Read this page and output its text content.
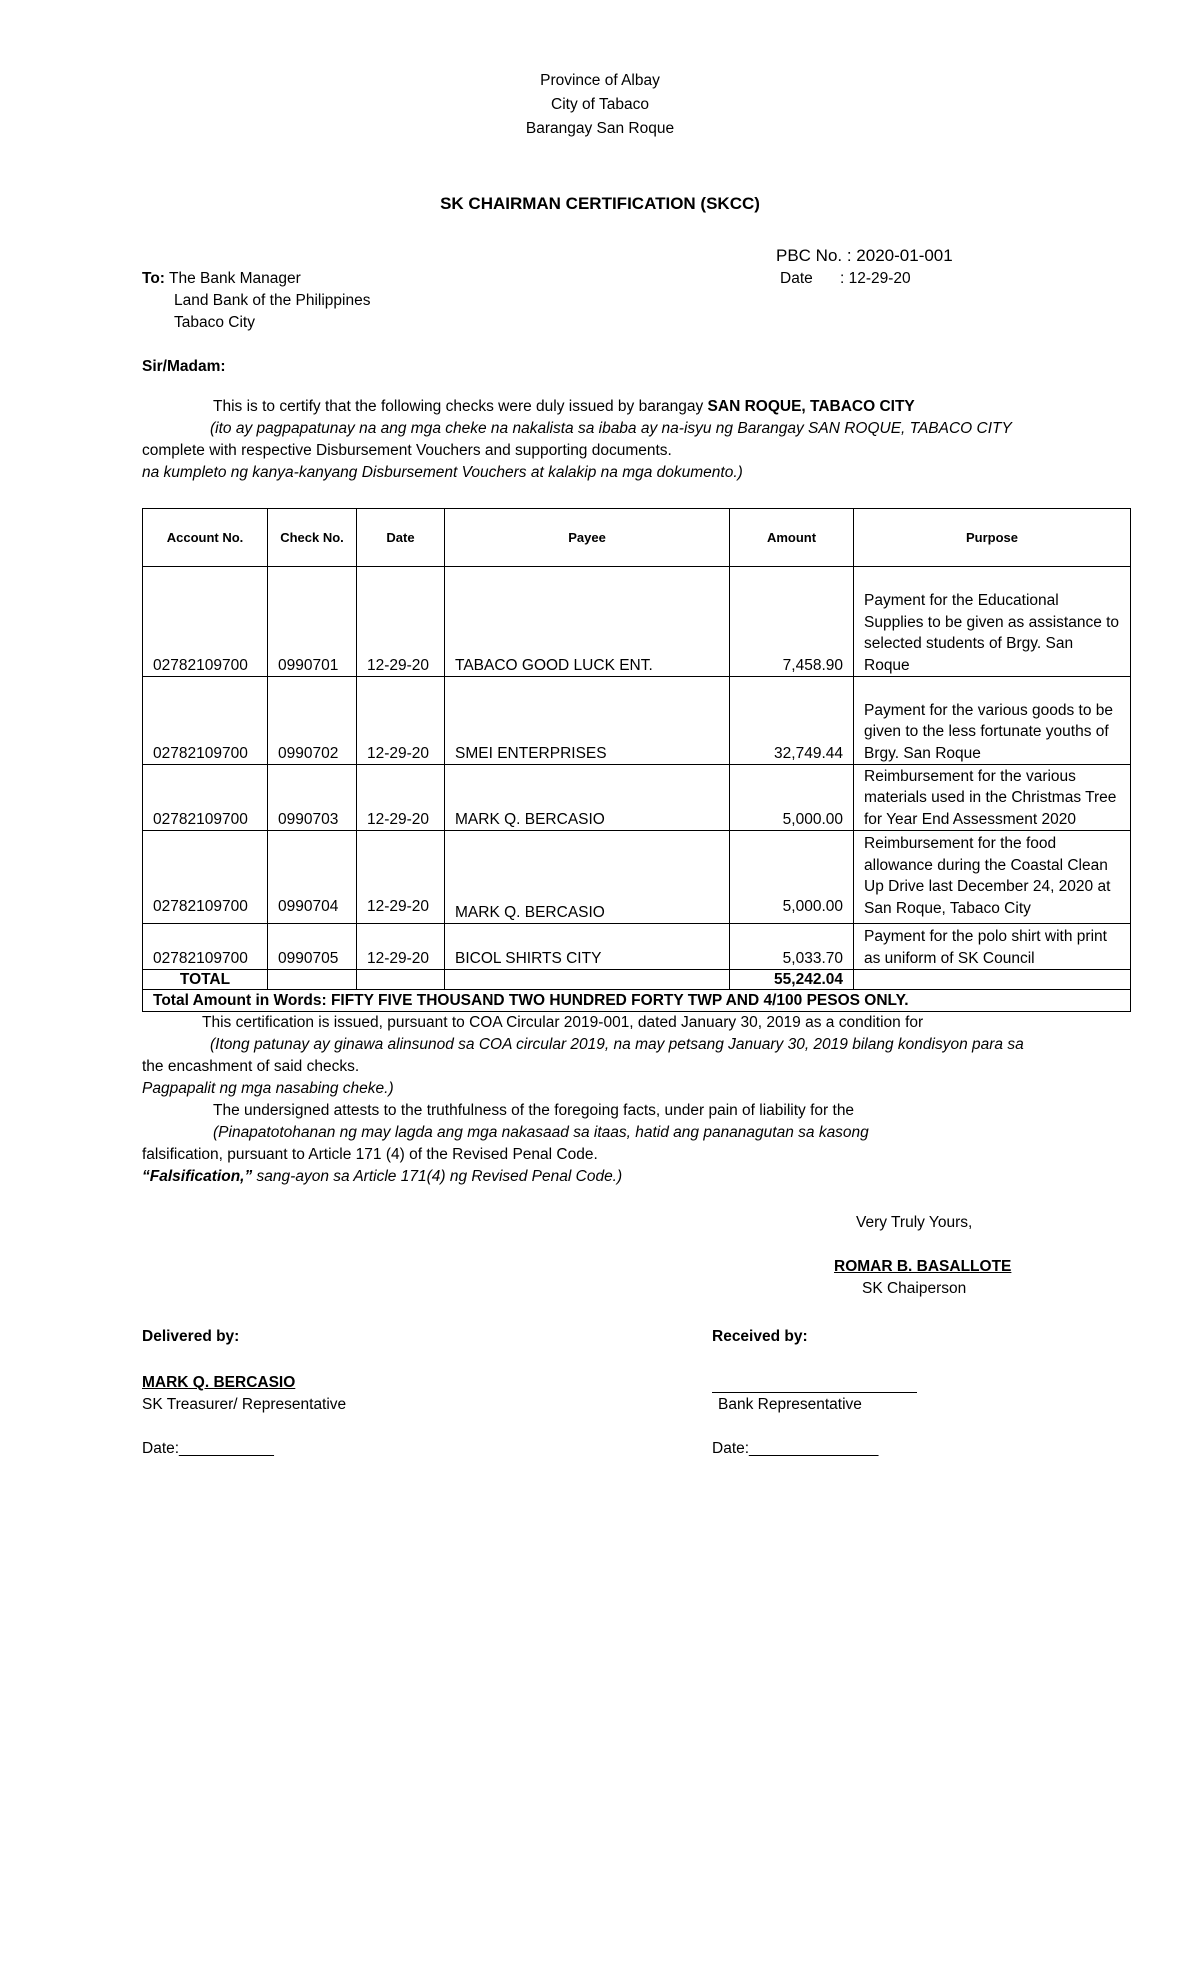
Province of Albay
City of Tabaco
Barangay San Roque
SK CHAIRMAN CERTIFICATION (SKCC)
PBC No. : 2020-01-001
Date : 12-29-20
To: The Bank Manager
Land Bank of the Philippines
Tabaco City
Sir/Madam:
This is to certify that the following checks were duly issued by barangay SAN ROQUE, TABACO CITY
(ito ay pagpapatunay na ang mga cheke na nakalista sa ibaba ay na-isyu ng Barangay SAN ROQUE, TABACO CITY
complete with respective Disbursement Vouchers and supporting documents.
na kumpleto ng kanya-kanyang Disbursement Vouchers at kalakip na mga dokumento.)
Account No.	Check No.	Date	Payee	Amount	Purpose
02782109700	0990701	12-29-20	TABACO GOOD LUCK ENT.	7,458.90	Payment for the Educational Supplies to be given as assistance to selected students of Brgy. San Roque
02782109700	0990702	12-29-20	SMEI ENTERPRISES	32,749.44	Payment for the various goods to be given to the less fortunate youths of Brgy. San Roque
02782109700	0990703	12-29-20	MARK Q. BERCASIO	5,000.00	Reimbursement for the various materials used in the Christmas Tree for Year End Assessment 2020
02782109700	0990704	12-29-20	MARK Q. BERCASIO	5,000.00	Reimbursement for the food allowance during the Coastal Clean Up Drive last December 24, 2020 at San Roque, Tabaco City
02782109700	0990705	12-29-20	BICOL SHIRTS CITY	5,033.70	Payment for the polo shirt with print as uniform of SK Council
TOTAL				55,242.04	
Total Amount in Words: FIFTY FIVE THOUSAND TWO HUNDRED FORTY TWP AND 4/100 PESOS ONLY.					
This certification is issued, pursuant to COA Circular 2019-001, dated January 30, 2019 as a condition for
(Itong patunay ay ginawa alinsunod sa COA circular 2019, na may petsang January 30, 2019 bilang kondisyon para sa
the encashment of said checks.
Pagpapalit ng mga nasabing cheke.)
The undersigned attests to the truthfulness of the foregoing facts, under pain of liability for the
(Pinapatotohanan ng may lagda ang mga nakasaad sa itaas, hatid ang pananagutan sa kasong
falsification, pursuant to Article 171 (4) of the Revised Penal Code.
“Falsification,” sang-ayon sa Article 171(4) ng Revised Penal Code.)
Very Truly Yours,
ROMAR B. BASALLOTE
SK Chaiperson
Delivered by:
MARK Q. BERCASIO
SK Treasurer/ Representative
Date:___________
Received by:
Bank Representative
Date:_______________
